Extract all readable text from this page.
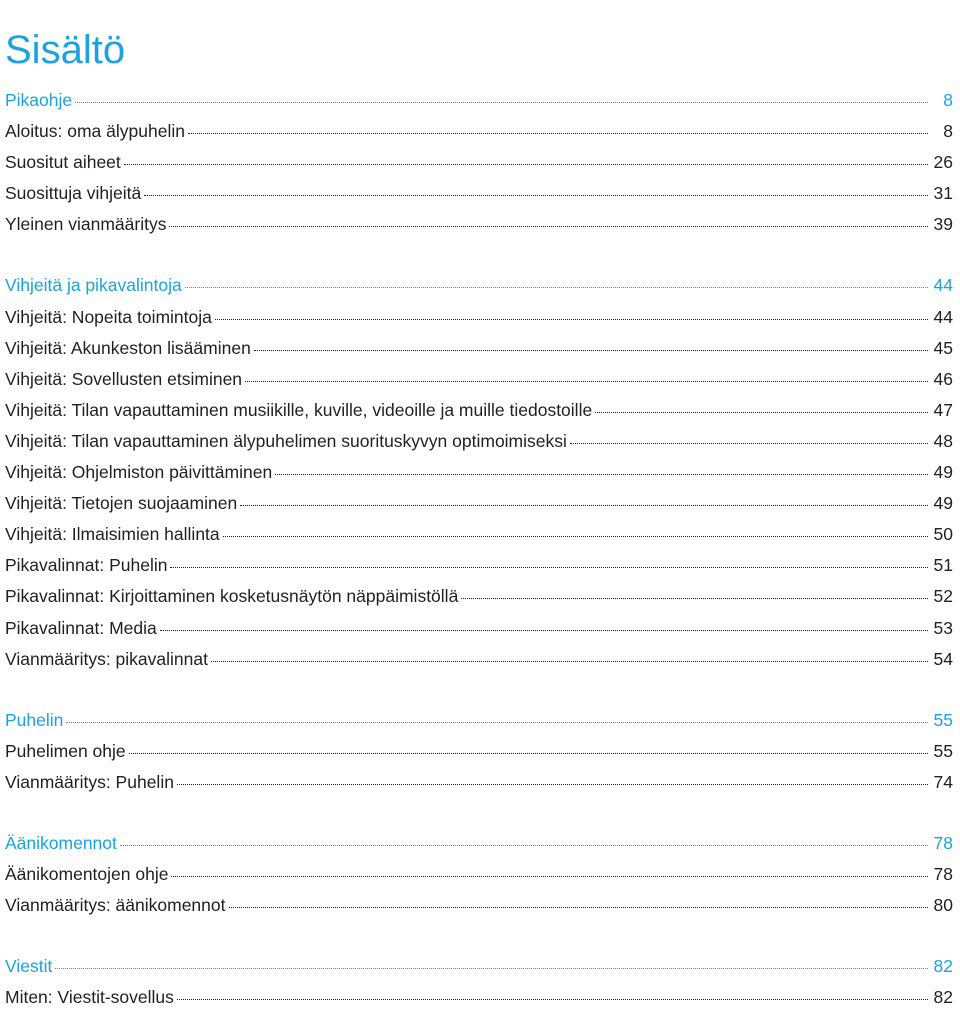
Sisältö
Pikaohje	8
Aloitus: oma älypuhelin	8
Suositut aiheet	26
Suosittuja vihjeitä	31
Yleinen vianmääritys	39
Vihjeitä ja pikavalintoja	44
Vihjeitä: Nopeita toimintoja	44
Vihjeitä: Akunkeston lisääminen	45
Vihjeitä: Sovellusten etsiminen	46
Vihjeitä: Tilan vapauttaminen musiikille, kuville, videoille ja muille tiedostoille	47
Vihjeitä: Tilan vapauttaminen älypuhelimen suorituskyvyn optimoimiseksi	48
Vihjeitä: Ohjelmiston päivittäminen	49
Vihjeitä: Tietojen suojaaminen	49
Vihjeitä: Ilmaisimien hallinta	50
Pikavalinnat: Puhelin	51
Pikavalinnat: Kirjoittaminen kosketusnäytön näppäimistöllä	52
Pikavalinnat: Media	53
Vianmääritys: pikavalinnat	54
Puhelin	55
Puhelimen ohje	55
Vianmääritys: Puhelin	74
Äänikomennot	78
Äänikomentojen ohje	78
Vianmääritys: äänikomennot	80
Viestit	82
Miten: Viestit-sovellus	82
